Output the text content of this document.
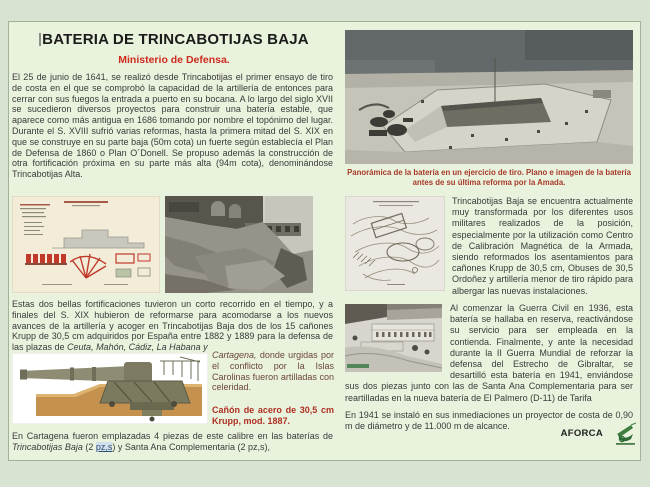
BATERIA DE TRINCABOTIJAS BAJA
Ministerio de Defensa.
El 25 de junio de 1641, se realizó desde Trincabotijas el primer ensayo de tiro de costa en el que se comprobó la capacidad de la artillería de entonces para cerrar con sus fuegos la entrada a puerto en su bocana. A lo largo del siglo XVII se sucedieron diversos proyectos para construir una batería estable, que aparece como más antigua en 1686 tomando por nombre el topónimo del lugar. Durante el S. XVIII sufrió varias reformas, hasta la primera mitad del S. XIX en que se construye en su parte baja (50m cota) un fuerte según establecía el Plan de Defensa de 1860 o Plan O´Donell. Se propuso además la construcción de otra fortificación próxima en su parte más alta (94m cota), denominándose Trincabotijas Alta.
Estas dos bellas fortificaciones tuvieron un corto recorrido en el tiempo, y a finales del S. XIX hubieron de reformarse para acomodarse a los nuevos avances de la artillería y acoger en Trincabotijas Baja dos de los 15 cañones Krupp de 30,5 cm adquiridos por España entre 1882 y 1889 para la defensa de las plazas de Ceuta, Mahón, Cádiz, La Habana y
Cartagena, donde urgidas por el conflicto por la Islas Carolinas fueron artilladas con celeridad.
Cañón de acero de 30,5 cm Krupp, mod. 1887.
En Cartagena fueron emplazadas 4 piezas de este calibre en las baterías de Trincabotijas Baja (2 pz,s) y Santa Ana Complementaria (2 pz,s),
Panorámica de la batería en un ejercicio de tiro. Plano e imagen de la batería antes de su última reforma por la Amada.
Trincabotijas Baja se encuentra actualmente muy transformada por los diferentes usos militares realizados de la posición, especialmente por la utilización como Centro de Calibración Magnética de la Armada, siendo reformados los asentamientos para cañones Krupp de 30,5 cm, Obuses de 30,5 Ordoñez y artillería menor de tiro rápido para albergar las nuevas instalaciones.
Al comenzar la Guerra Civil en 1936, esta batería se hallaba en reserva, reactivándose su servicio para ser empleada en la contienda. Finalmente, y ante la necesidad durante la II Guerra Mundial de reforzar la defensa del Estrecho de Gibraltar, se desartilló esta batería en 1941, enviándose sus dos piezas junto con las de Santa Ana Complementaria para ser reartilladas en la nueva batería de El Palmero (D-11) de Tarifa
En 1941 se instaló en sus inmediaciones un proyector de costa de 0,90 m de diámetro y de 11.000 m de alcance.
AFORCA
